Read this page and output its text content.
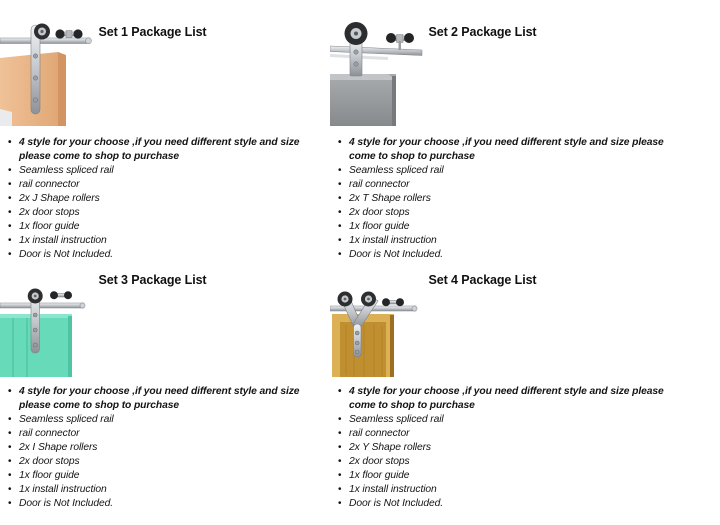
Set 1 Package List
• 4 style for your choose ,if you need different style and size please come to shop to purchase
• Seamless spliced rail
• rail connector
• 2x J Shape rollers
• 2x door stops
• 1x floor guide
• 1x install instruction
• Door is Not Included.
Set 2 Package List
• 4 style for your choose ,if you need different style and size please come to shop to purchase
• Seamless spliced rail
• rail connector
• 2x T Shape rollers
• 2x door stops
• 1x floor guide
• 1x install instruction
• Door is Not Included.
Set 3 Package List
• 4 style for your choose ,if you need different style and size please come to shop to purchase
• Seamless spliced rail
• rail connector
• 2x I Shape rollers
• 2x door stops
• 1x floor guide
• 1x install instruction
• Door is Not Included.
Set 4 Package List
• 4 style for your choose ,if you need different style and size please come to shop to purchase
• Seamless spliced rail
• rail connector
• 2x Y Shape rollers
• 2x door stops
• 1x floor guide
• 1x install instruction
• Door is Not Included.
